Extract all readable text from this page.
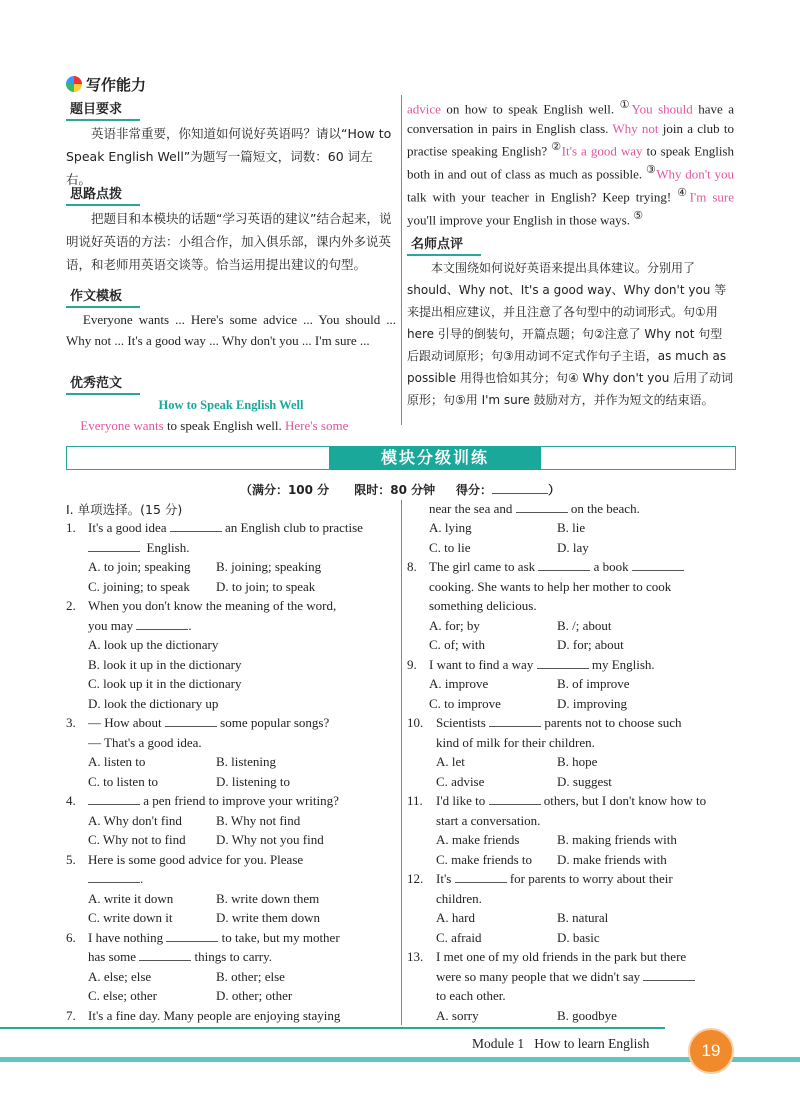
写作能力
题目要求
英语非常重要，你知道如何说好英语吗？请以“How to Speak English Well”为题写一篇短文，词数：60 词左右。
思路点拨
把题目和本模块的话题“学习英语的建议”结合起来，说明说好英语的方法：小组合作，加入俱乐部，课内外多说英语，和老师用英语交谈等。恰当运用提出建议的句型。
作文模板
Everyone wants ... Here's some advice ... You should ... Why not ... It's a good way ... Why don't you ... I'm sure ...
优秀范文
How to Speak English Well
Everyone wants to speak English well. Here's some
advice on how to speak English well. ①You should have a conversation in pairs in English class. Why not join a club to practise speaking English? ②It's a good way to speak English both in and out of class as much as possible. ③Why don't you talk with your teacher in English? Keep trying! ④I'm sure you'll improve your English in those ways. ⑤
名师点评
本文围绕如何说好英语来提出具体建议。分别用了 should、Why not、It's a good way、Why don't you 等来提出相应建议，并且注意了各句型中的动词形式。句①用 here 引导的倒装句，开篇点题；句②注意了 Why not 句型后跟动词原形；句③用动词不定式作句子主语，as much as possible 用得也恰如其分；句④ Why don't you 后用了动词原形；句⑤用 I'm sure 鼓励对方，并作为短文的结束语。
模块分级训练
（满分：100 分 限时：80 分钟 得分：	）
Ⅰ. 单项选择。(15 分)
1. It's a good idea	an English club to practise
English.
A. to join; speaking B. joining; speaking
C. joining; to speak D. to join; to speak
2. When you don't know the meaning of the word,
you may	.
A. look up the dictionary
B. look it up in the dictionary
C. look up it in the dictionary
D. look the dictionary up
3. — How about	some popular songs?
— That's a good idea.
A. listen to	B. listening
C. to listen to	D. listening to
4.	a pen friend to improve your writing?
A. Why don't find	B. Why not find
C. Why not to find D. Why not you find
5. Here is some good advice for you. Please
.
A. write it down	B. write down them
C. write down it	D. write them down
6. I have nothing	to take, but my mother
has some	things to carry.
A. else; else	B. other; else
C. else; other	D. other; other
7. It's a fine day. Many people are enjoying staying
near the sea and	on the beach.
A. lying	B. lie
C. to lie	D. lay
8. The girl came to ask	a book
cooking. She wants to help her mother to cook
something delicious.
A. for; by	B. /; about
C. of; with	D. for; about
9. I want to find a way	my English.
A. improve	B. of improve
C. to improve	D. improving
10. Scientists	parents not to choose such
kind of milk for their children.
A. let	B. hope
C. advise	D. suggest
11. I'd like to	others, but I don't know how to
start a conversation.
A. make friends	B. making friends with
C. make friends to D. make friends with
12. It's	for parents to worry about their
children.
A. hard	B. natural
C. afraid	D. basic
13. I met one of my old friends in the park but there
were so many people that we didn't say
to each other.
A. sorry	B. goodbye
Module 1 How to learn English	19
